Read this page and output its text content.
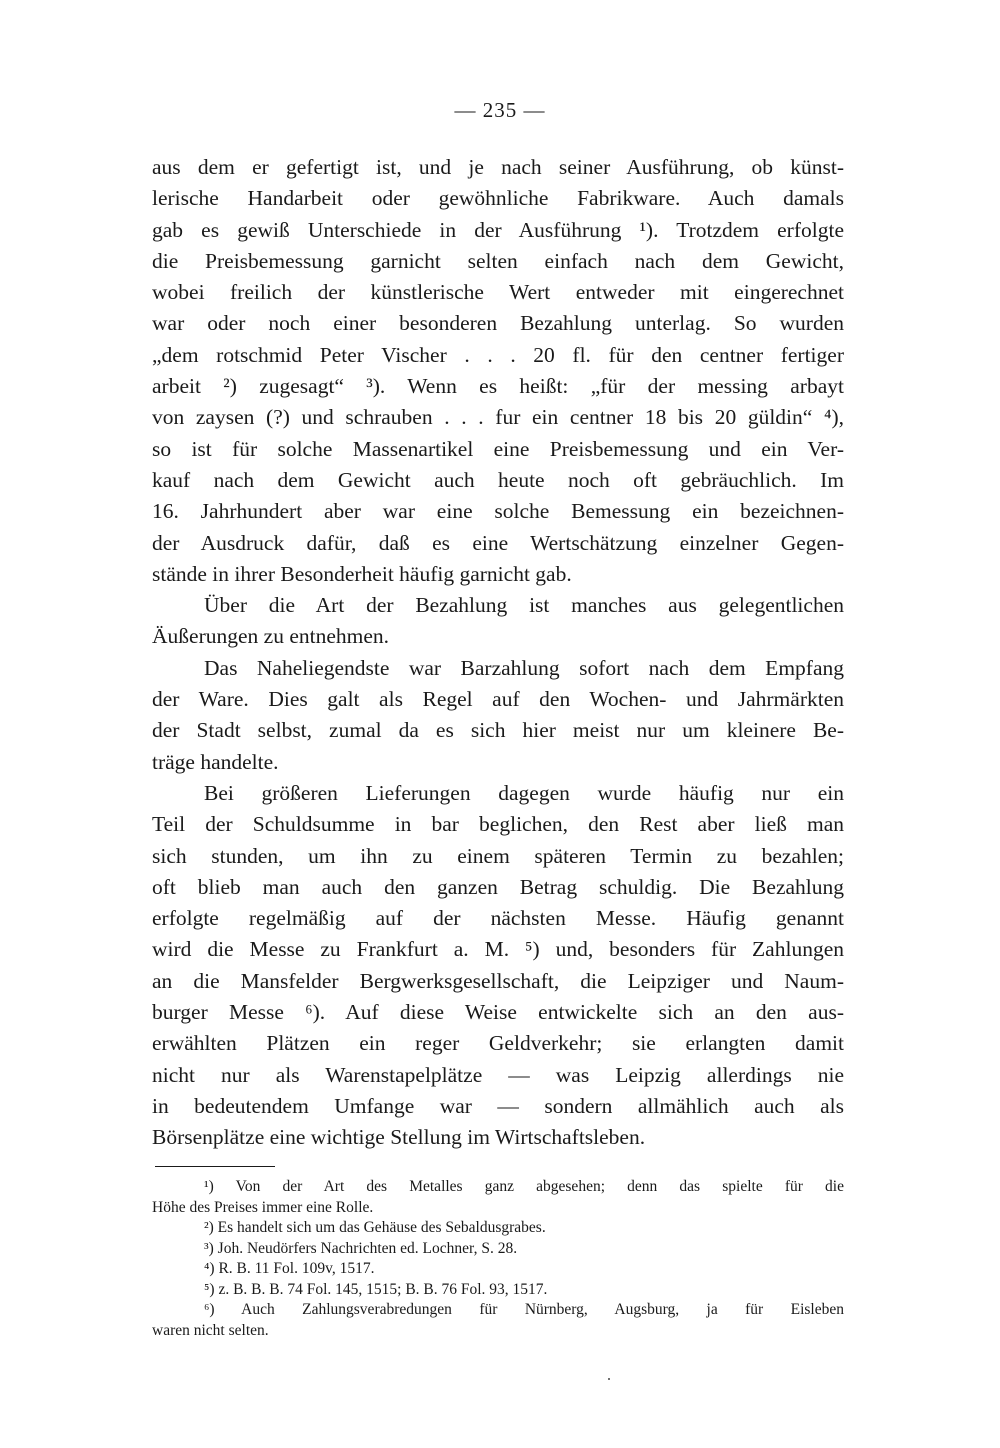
— 235 —
aus dem er gefertigt ist, und je nach seiner Ausführung, ob künst-
lerische Handarbeit oder gewöhnliche Fabrikware. Auch damals
gab es gewiß Unterschiede in der Ausführung ¹). Trotzdem erfolgte
die Preisbemessung garnicht selten einfach nach dem Gewicht,
wobei freilich der künstlerische Wert entweder mit eingerechnet
war oder noch einer besonderen Bezahlung unterlag. So wurden
„dem rotschmid Peter Vischer . . . 20 fl. für den centner fertiger
arbeit ²) zugesagt“ ³). Wenn es heißt: „für der messing arbayt
von zaysen (?) und schrauben . . . fur ein centner 18 bis 20 güldin“ ⁴),
so ist für solche Massenartikel eine Preisbemessung und ein Ver-
kauf nach dem Gewicht auch heute noch oft gebräuchlich. Im
16. Jahrhundert aber war eine solche Bemessung ein bezeichnen-
der Ausdruck dafür, daß es eine Wertschätzung einzelner Gegen-
stände in ihrer Besonderheit häufig garnicht gab.
Über die Art der Bezahlung ist manches aus gelegentlichen
Äußerungen zu entnehmen.
Das Naheliegendste war Barzahlung sofort nach dem Empfang
der Ware. Dies galt als Regel auf den Wochen- und Jahrmärkten
der Stadt selbst, zumal da es sich hier meist nur um kleinere Be-
träge handelte.
Bei größeren Lieferungen dagegen wurde häufig nur ein
Teil der Schuldsumme in bar beglichen, den Rest aber ließ man
sich stunden, um ihn zu einem späteren Termin zu bezahlen;
oft blieb man auch den ganzen Betrag schuldig. Die Bezahlung
erfolgte regelmäßig auf der nächsten Messe. Häufig genannt
wird die Messe zu Frankfurt a. M. ⁵) und, besonders für Zahlungen
an die Mansfelder Bergwerksgesellschaft, die Leipziger und Naum-
burger Messe ⁶). Auf diese Weise entwickelte sich an den aus-
erwählten Plätzen ein reger Geldverkehr; sie erlangten damit
nicht nur als Warenstapelplätze — was Leipzig allerdings nie
in bedeutendem Umfange war — sondern allmählich auch als
Börsenplätze eine wichtige Stellung im Wirtschaftsleben.
¹) Von der Art des Metalles ganz abgesehen; denn das spielte für die
Höhe des Preises immer eine Rolle.
²) Es handelt sich um das Gehäuse des Sebaldusgrabes.
³) Joh. Neudörfers Nachrichten ed. Lochner, S. 28.
⁴) R. B. 11 Fol. 109v, 1517.
⁵) z. B. B. B. 74 Fol. 145, 1515; B. B. 76 Fol. 93, 1517.
⁶) Auch Zahlungsverabredungen für Nürnberg, Augsburg, ja für Eisleben
waren nicht selten.
